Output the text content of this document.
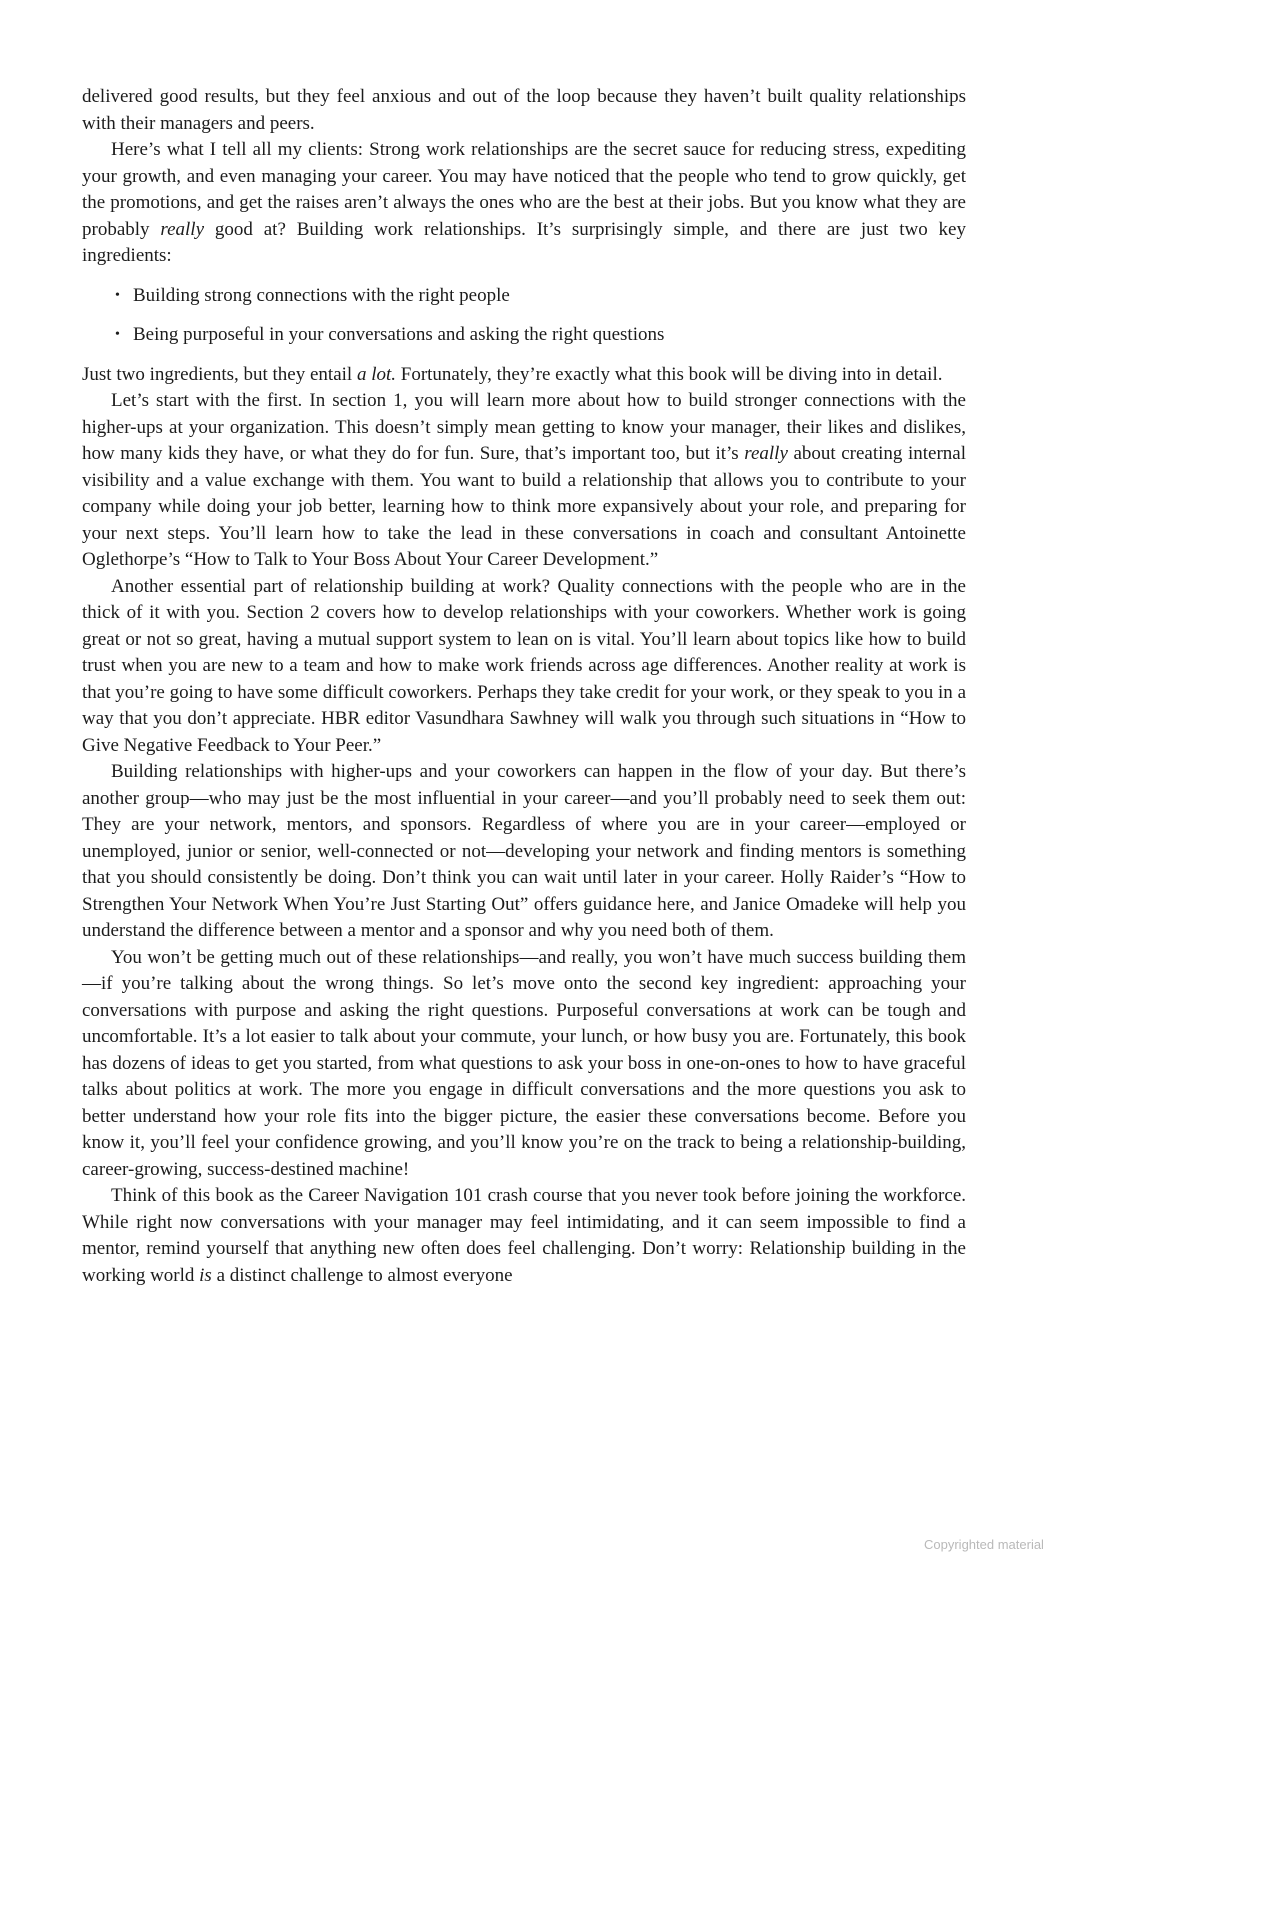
delivered good results, but they feel anxious and out of the loop because they haven’t built quality relationships with their managers and peers.

Here’s what I tell all my clients: Strong work relationships are the secret sauce for reducing stress, expediting your growth, and even managing your career. You may have noticed that the people who tend to grow quickly, get the promotions, and get the raises aren’t always the ones who are the best at their jobs. But you know what they are probably really good at? Building work relationships. It’s surprisingly simple, and there are just two key ingredients:

• Building strong connections with the right people
• Being purposeful in your conversations and asking the right questions

Just two ingredients, but they entail a lot. Fortunately, they’re exactly what this book will be diving into in detail.

Let’s start with the first. In section 1, you will learn more about how to build stronger connections with the higher-ups at your organization. This doesn’t simply mean getting to know your manager, their likes and dislikes, how many kids they have, or what they do for fun. Sure, that’s important too, but it’s really about creating internal visibility and a value exchange with them. You want to build a relationship that allows you to contribute to your company while doing your job better, learning how to think more expansively about your role, and preparing for your next steps. You’ll learn how to take the lead in these conversations in coach and consultant Antoinette Oglethorpe’s “How to Talk to Your Boss About Your Career Development.”

Another essential part of relationship building at work? Quality connections with the people who are in the thick of it with you. Section 2 covers how to develop relationships with your coworkers. Whether work is going great or not so great, having a mutual support system to lean on is vital. You’ll learn about topics like how to build trust when you are new to a team and how to make work friends across age differences. Another reality at work is that you’re going to have some difficult coworkers. Perhaps they take credit for your work, or they speak to you in a way that you don’t appreciate. HBR editor Vasundhara Sawhney will walk you through such situations in “How to Give Negative Feedback to Your Peer.”

Building relationships with higher-ups and your coworkers can happen in the flow of your day. But there’s another group—who may just be the most influential in your career—and you’ll probably need to seek them out: They are your network, mentors, and sponsors. Regardless of where you are in your career—employed or unemployed, junior or senior, well-connected or not—developing your network and finding mentors is something that you should consistently be doing. Don’t think you can wait until later in your career. Holly Raider’s “How to Strengthen Your Network When You’re Just Starting Out” offers guidance here, and Janice Omadeke will help you understand the difference between a mentor and a sponsor and why you need both of them.

You won’t be getting much out of these relationships—and really, you won’t have much success building them—if you’re talking about the wrong things. So let’s move onto the second key ingredient: approaching your conversations with purpose and asking the right questions. Purposeful conversations at work can be tough and uncomfortable. It’s a lot easier to talk about your commute, your lunch, or how busy you are. Fortunately, this book has dozens of ideas to get you started, from what questions to ask your boss in one-on-ones to how to have graceful talks about politics at work. The more you engage in difficult conversations and the more questions you ask to better understand how your role fits into the bigger picture, the easier these conversations become. Before you know it, you’ll feel your confidence growing, and you’ll know you’re on the track to being a relationship-building, career-growing, success-destined machine!

Think of this book as the Career Navigation 101 crash course that you never took before joining the workforce. While right now conversations with your manager may feel intimidating, and it can seem impossible to find a mentor, remind yourself that anything new often does feel challenging. Don’t worry: Relationship building in the working world is a distinct challenge to almost everyone

Copyrighted material
